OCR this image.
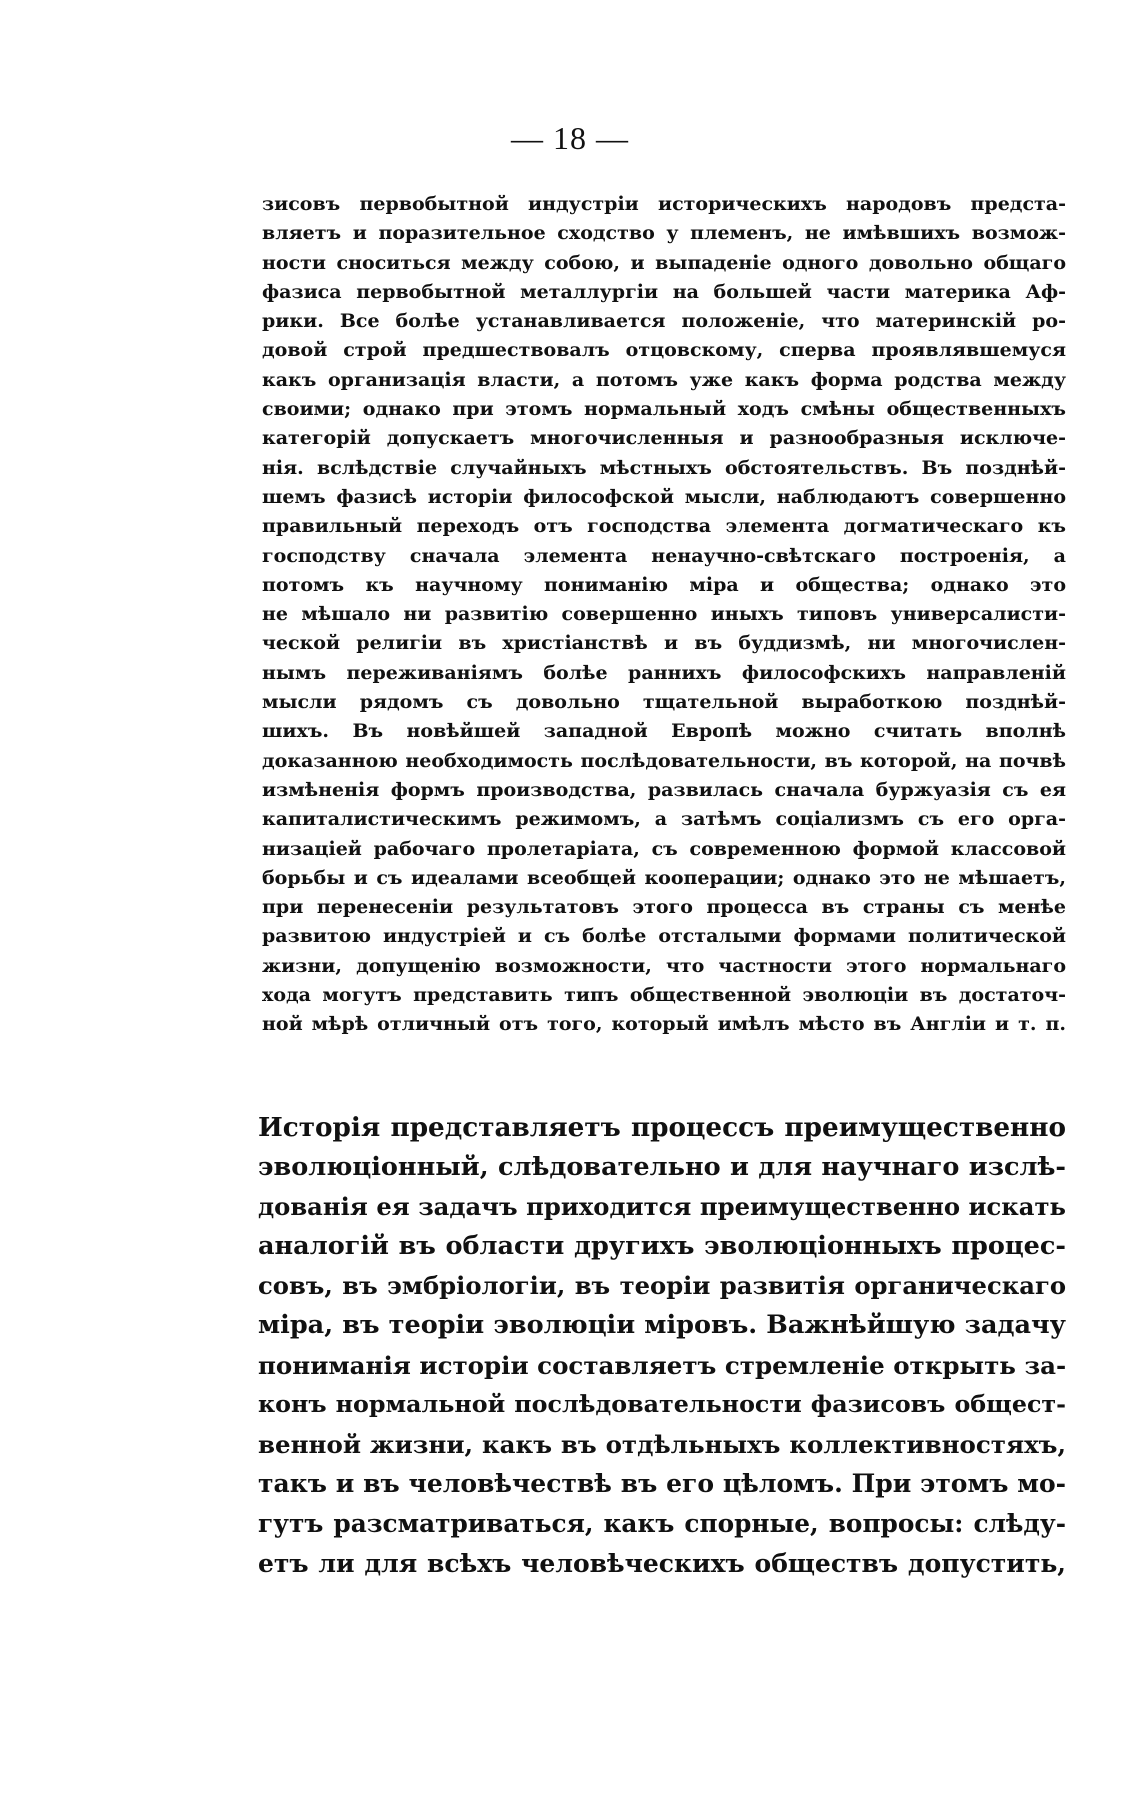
— 18 —
зисовъ первобытной индустріи историческихъ народовъ предста-
вляетъ и поразительное сходство у племенъ, не имѣвшихъ возмож-
ности сноситься между собою, и выпаденіе одного довольно общаго
фазиса первобытной металлургіи на большей части материка Аф-
рики. Все болѣе устанавливается положеніе, что материнскій ро-
довой строй предшествовалъ отцовскому, сперва проявлявшемуся
какъ организація власти, а потомъ уже какъ форма родства между
своими; однако при этомъ нормальный ходъ смѣны общественныхъ
категорій допускаетъ многочисленныя и разнообразныя исключе-
нія. вслѣдствіе случайныхъ мѣстныхъ обстоятельствъ. Въ позднѣй-
шемъ фазисѣ исторіи философской мысли, наблюдаютъ совершенно
правильный переходъ отъ господства элемента догматическаго къ
господству сначала элемента ненаучно-свѣтскаго построенія, а
потомъ къ научному пониманію міра и общества; однако это
не мѣшало ни развитію совершенно иныхъ типовъ универсалисти-
ческой религіи въ христіанствѣ и въ буддизмѣ, ни многочислен-
нымъ переживаніямъ болѣе раннихъ философскихъ направленій
мысли рядомъ съ довольно тщательной выработкою позднѣй-
шихъ. Въ новѣйшей западной Европѣ можно считать вполнѣ
доказанною необходимость послѣдовательности, въ которой, на почвѣ
измѣненія формъ производства, развилась сначала буржуазія съ ея
капиталистическимъ режимомъ, а затѣмъ соціализмъ съ его орга-
низаціей рабочаго пролетаріата, съ современною формой классовой
борьбы и съ идеалами всеобщей кооперации; однако это не мѣшаетъ,
при перенесеніи результатовъ этого процесса въ страны съ менѣе
развитою индустріей и съ болѣе отсталыми формами политической
жизни, допущенію возможности, что частности этого нормальнаго
хода могутъ представить типъ общественной эволюціи въ достаточ-
ной мѣрѣ отличный отъ того, который имѣлъ мѣсто въ Англіи и т. п.
Исторія представляетъ процессъ преимущественно
эволюціонный, слѣдовательно и для научнаго изслѣ-
дованія ея задачъ приходится преимущественно искать
аналогій въ области другихъ эволюціонныхъ процес-
совъ, въ эмбріологіи, въ теоріи развитія органическаго
міра, въ теоріи эволюціи міровъ. Важнѣйшую задачу
пониманія исторіи составляетъ стремленіе открыть за-
конъ нормальной послѣдовательности фазисовъ общест-
венной жизни, какъ въ отдѣльныхъ коллективностяхъ,
такъ и въ человѣчествѣ въ его цѣломъ. При этомъ мо-
гутъ разсматриваться, какъ спорные, вопросы: слѣду-
етъ ли для всѣхъ человѣческихъ обществъ допустить,
